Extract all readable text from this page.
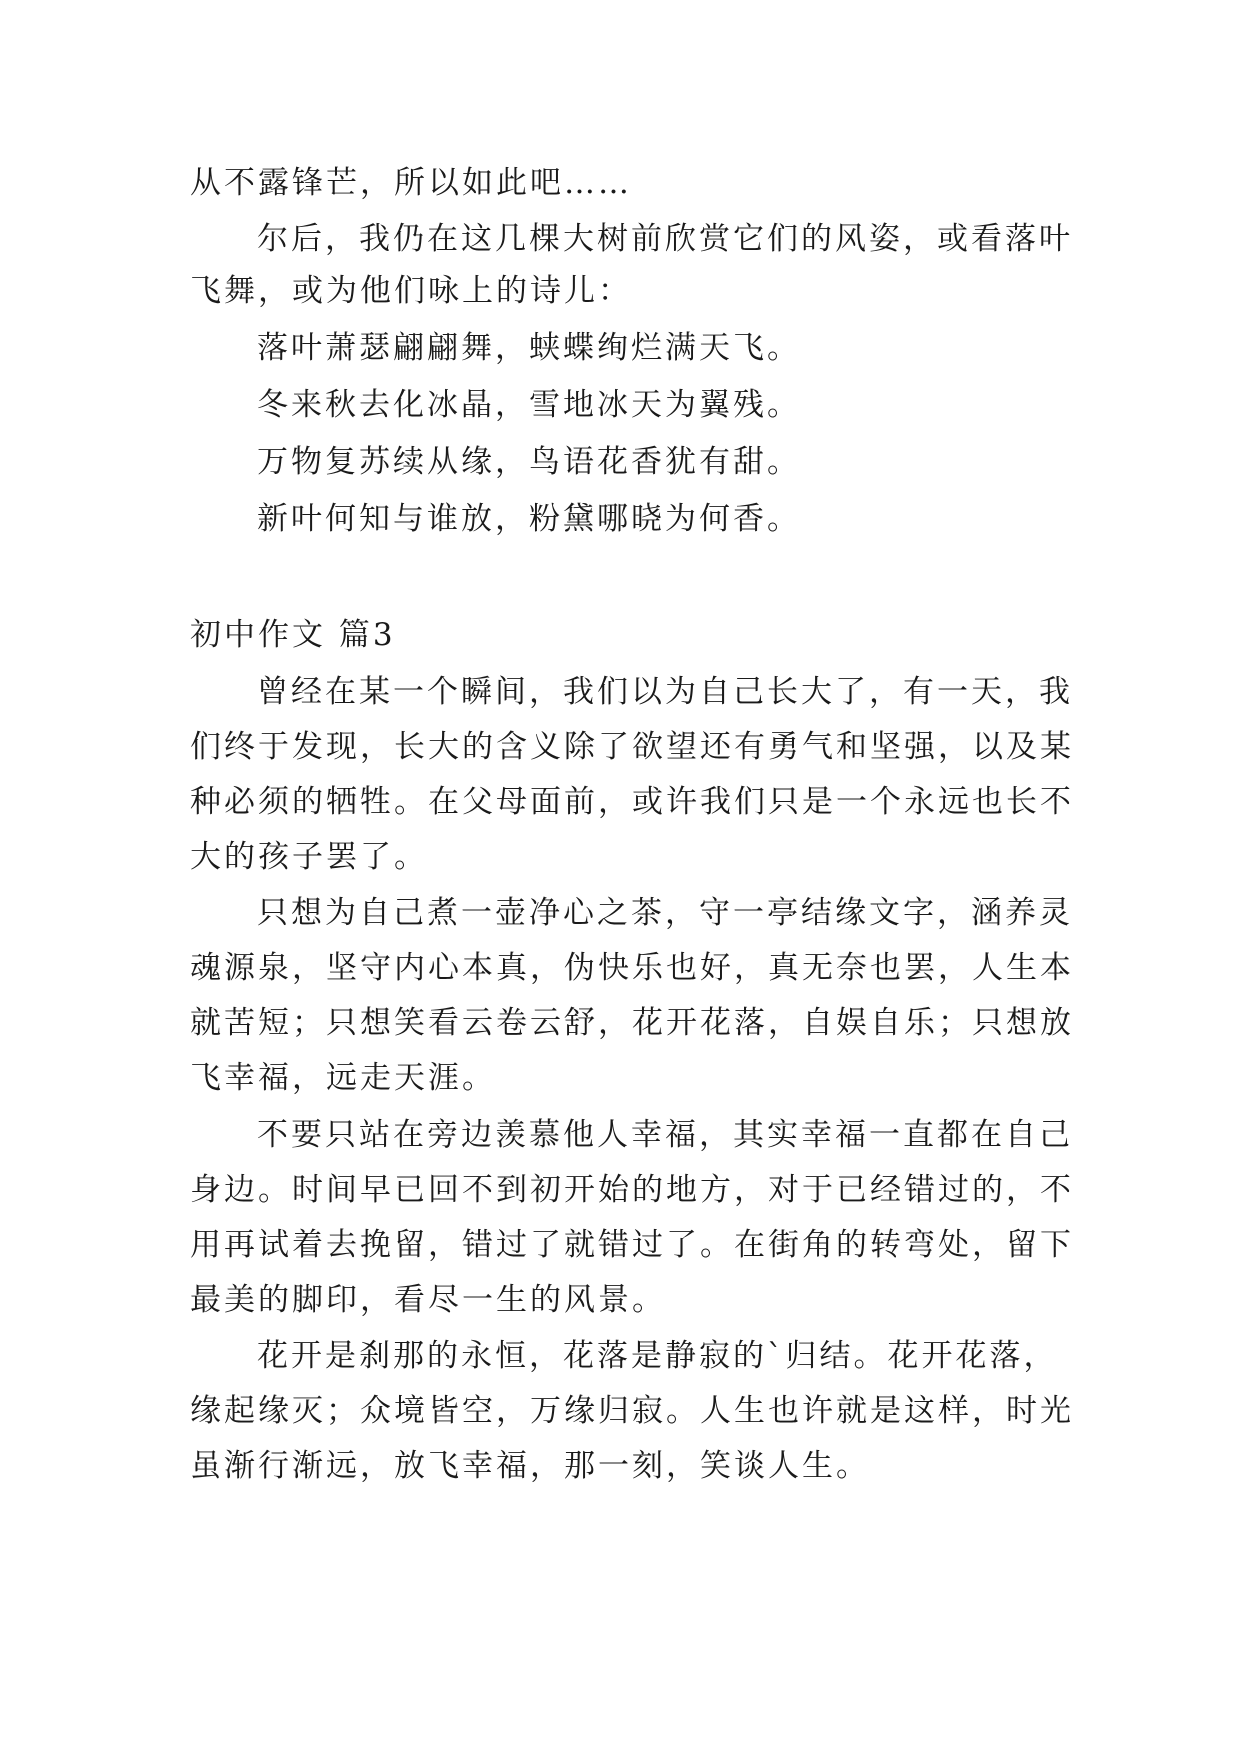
从不露锋芒，所以如此吧……
尔后，我仍在这几棵大树前欣赏它们的风姿，或看落叶
飞舞，或为他们咏上的诗儿：
落叶萧瑟翩翩舞，蛱蝶绚烂满天飞。
冬来秋去化冰晶，雪地冰天为翼残。
万物复苏续从缘，鸟语花香犹有甜。
新叶何知与谁放，粉黛哪晓为何香。
初中作文 篇3
曾经在某一个瞬间，我们以为自己长大了，有一天，我
们终于发现，长大的含义除了欲望还有勇气和坚强，以及某
种必须的牺牲。在父母面前，或许我们只是一个永远也长不
大的孩子罢了。
只想为自己煮一壶净心之茶，守一亭结缘文字，涵养灵
魂源泉，坚守内心本真，伪快乐也好，真无奈也罢，人生本
就苦短；只想笑看云卷云舒，花开花落，自娱自乐；只想放
飞幸福，远走天涯。
不要只站在旁边羡慕他人幸福，其实幸福一直都在自己
身边。时间早已回不到初开始的地方，对于已经错过的，不
用再试着去挽留，错过了就错过了。在街角的转弯处，留下
最美的脚印，看尽一生的风景。
花开是刹那的永恒，花落是静寂的`归结。花开花落，
缘起缘灭；众境皆空，万缘归寂。人生也许就是这样，时光
虽渐行渐远，放飞幸福，那一刻，笑谈人生。
